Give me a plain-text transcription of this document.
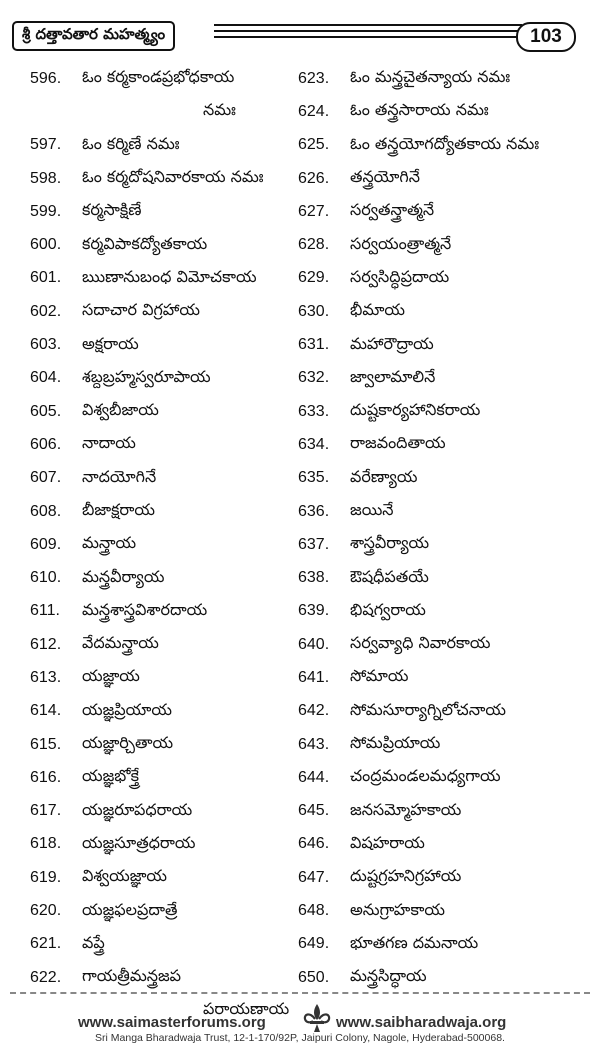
శ్రీ దత్తావతార మహత్మ్యం	103
596.	ఓం కర్మకాండప్రభోధకాయ
నమః
597.	ఓం కర్మిణే నమః
598.	ఓం కర్మదోషనివారకాయ నమః
599.	కర్మసాక్షిణే
600.	కర్మవిపాకద్యోతకాయ
601.	ఋణానుబంధ విమోచకాయ
602.	సదాచార విగ్రహాయ
603.	అక్షరాయ
604.	శబ్దబ్రహ్మస్వరూపాయ
605.	విశ్వబీజాయ
606.	నాదాయ
607.	నాదయోగినే
608.	బీజాక్షరాయ
609.	మన్త్రాయ
610.	మన్త్రవీర్యాయ
611.	మన్త్రశాస్త్రవిశారదాయ
612.	వేదమన్త్రాయ
613.	యజ్ఞాయ
614.	యజ్ఞప్రియాయ
615.	యజ్ఞార్చితాయ
616.	యజ్ఞభోక్త్రే
617.	యజ్ఞరూపధరాయ
618.	యజ్ఞసూత్రధరాయ
619.	విశ్వయజ్ఞాయ
620.	యజ్ఞఫలప్రదాత్రే
621.	వప్త్రే
622.	గాయత్రీమన్త్రజప
పరాయణాయ
623.	ఓం మన్త్రచైతన్యాయ నమః
624.	ఓం తన్త్రసారాయ నమః
625.	ఓం తన్త్రయోగద్యోతకాయ నమః
626.	తన్త్రయోగినే
627.	సర్వతన్త్రాత్మనే
628.	సర్వయంత్రాత్మనే
629.	సర్వసిద్ధిప్రదాయ
630.	భీమాయ
631.	మహారౌద్రాయ
632.	జ్వాలామాలినే
633.	దుష్టకార్యహానికరాయ
634.	రాజవందితాయ
635.	వరేణ్యాయ
636.	జయినే
637.	శాస్త్రవీర్యాయ
638.	ఔషధీపతయే
639.	భిషగ్వరాయ
640.	సర్వవ్యాధి నివారకాయ
641.	సోమాయ
642.	సోమసూర్యాగ్నిలోచనాయ
643.	సోమప్రియాయ
644.	చంద్రమండలమధ్యగాయ
645.	జనసమ్మోహకాయ
646.	విషహరాయ
647.	దుష్టగ్రహనిగ్రహాయ
648.	అనుగ్రాహకాయ
649.	భూతగణ దమనాయ
650.	మన్త్రసిద్ధాయ
www.saimasterforums.org	www.saibharadwaja.org
Sri Manga Bharadwaja Trust, 12-1-170/92P, Jaipuri Colony, Nagole, Hyderabad-500068.
